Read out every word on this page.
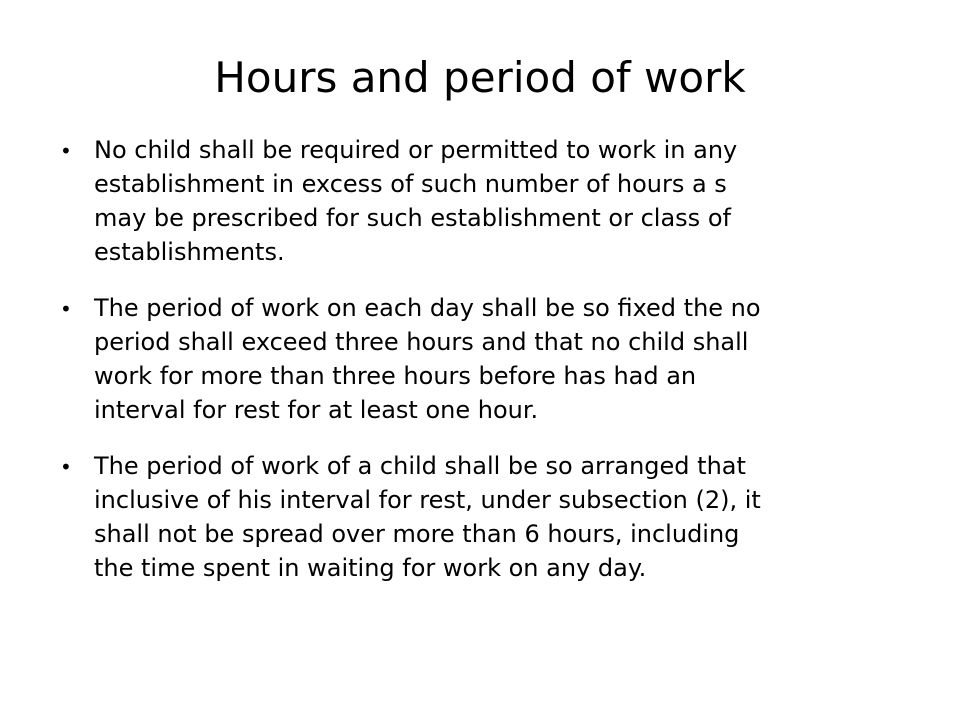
Hours and period of work
• No child shall be required or permitted to work in any
establishment in excess of such number of hours a s
may be prescribed for such establishment or class of
establishments.
• The period of work on each day shall be so fixed the no
period shall exceed three hours and that no child shall
work for more than three hours before has had an
interval for rest for at least one hour.
• The period of work of a child shall be so arranged that
inclusive of his interval for rest, under subsection (2), it
shall not be spread over more than 6 hours, including
the time spent in waiting for work on any day.
